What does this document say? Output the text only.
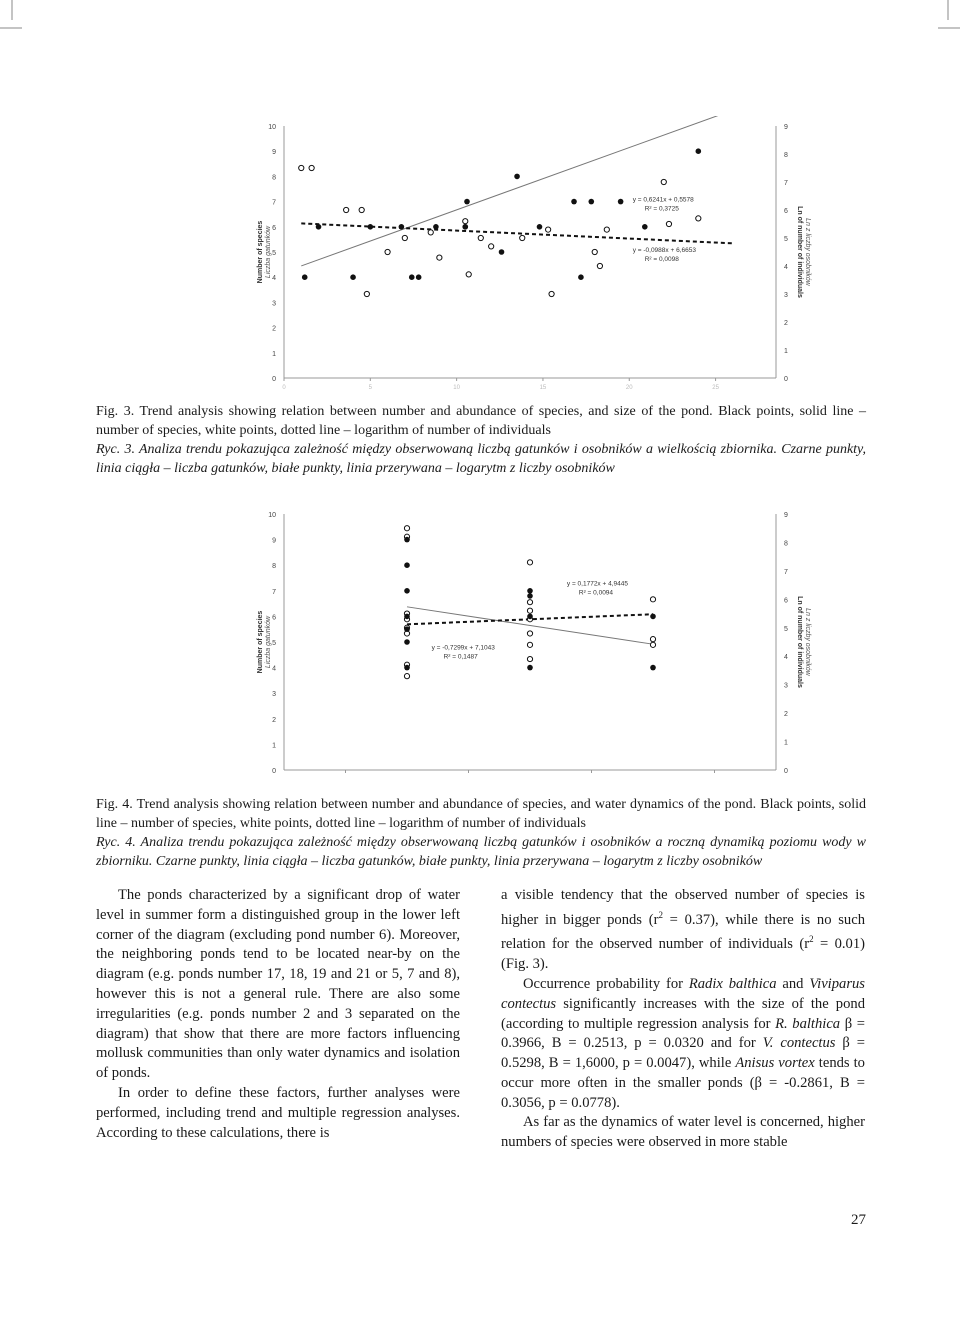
0
1
2
3
4
5
6
7
8
9
10
0
1
2
3
4
5
6
7
8
9
0	5	10	15	20	25
Number of species Liczba gatunków	Ln of number of individuals Ln z liczby osobników
y = 0,6241x + 0,5578
R² = 0,3725
y = -0,0988x + 6,6653
R² = 0,0098

Fig. 3. Trend analysis showing relation between number and abundance of species, and size of the pond. Black points, solid line – number of species, white points, dotted line – logarithm of number of individuals

Ryc. 3. Analiza trendu pokazująca zależność między obserwowaną liczbą gatunków i osobników a wielkością zbiornika. Czarne punkty, linia ciągła – liczba gatunków, białe punkty, linia przerywana – logarytm z liczby osobników

0
1
2
3
4
5
6
7
8
9
10
0
1
2
3
4
5
6
7
8
9
Number of species Liczba gatunków	Ln of number of individuals Ln z liczby osobników
y = -0,7299x + 7,1043
R² = 0,1487
y = 0,1772x + 4,9445
R² = 0,0094

Fig. 4. Trend analysis showing relation between number and abundance of species, and water dynamics of the pond. Black points, solid line – number of species, white points, dotted line – logarithm of number of individuals

Ryc. 4. Analiza trendu pokazująca zależność między obserwowaną liczbą gatunków i osobników a roczną dynamiką poziomu wody w zbiorniku. Czarne punkty, linia ciągła – liczba gatunków, białe punkty, linia przerywana – logarytm z liczby osobników

The ponds characterized by a significant drop of water level in summer form a distinguished group in the lower left corner of the diagram (excluding pond number 6). Moreover, the neighboring ponds tend to be located near-by on the diagram (e.g. ponds number 17, 18, 19 and 21 or 5, 7 and 8), however this is not a general rule. There are also some irregularities (e.g. ponds number 2 and 3 separated on the diagram) that show that there are more factors influencing mollusk communities than only water dynamics and isolation of ponds.

In order to define these factors, further analyses were performed, including trend and multiple regression analyses. According to these calculations, there is

a visible tendency that the observed number of species is higher in bigger ponds $(r^2 = 0.37)$, while there is no such relation for the observed number of individuals $(r^2 = 0.01)$ (Fig. 3).

Occurrence probability for Radix balthica and Viviparus contectus significantly increases with the size of the pond (according to multiple regression analysis for R. balthica β = 0.3966, B = 0.2513, p = 0.0320 and for V. contectus β = 0.5298, B = 1,6000, p = 0.0047), while Anisus vortex tends to occur more often in the smaller ponds (β = -0.2861, B = 0.3056, p = 0.0778).

As far as the dynamics of water level is concerned, higher numbers of species were observed in more stable

27
